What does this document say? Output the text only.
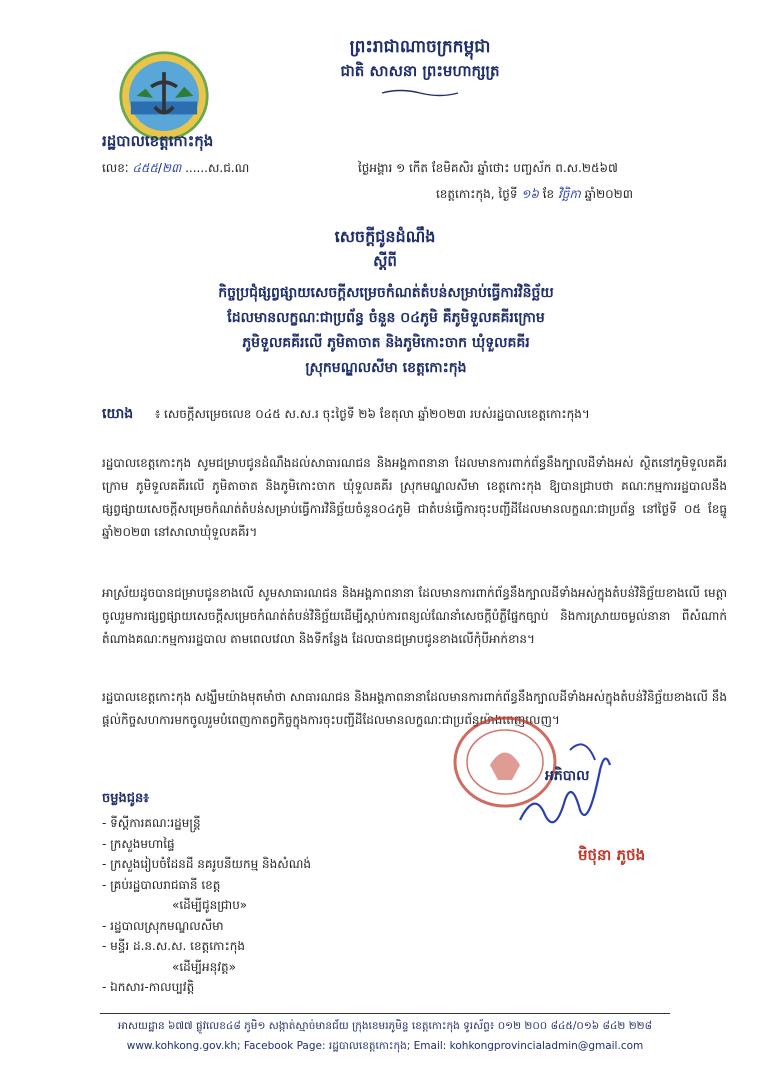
ព្រះរាជាណាចក្រកម្ពុជា
ជាតិ សាសនា ព្រះមហាក្សត្រ
រដ្ឋបាលខេត្តកោះកុង
លេខៈ ៤៥៥/២៣ ......ស.ជ.ណ	ថ្ងៃអង្គារ ១ កើត ខែមិគសិរ ឆ្នាំថោះ បញ្ចស័ក ព.ស.២៥៦៧
ខេត្តកោះកុង, ថ្ងៃទី ១៦ ខែ វិច្ឆិកា ឆ្នាំ២០២៣
សេចក្តីជូនដំណឹង
ស្តីពី
កិច្ចប្រជុំផ្សព្វផ្សាយសេចក្តីសម្រេចកំណត់តំបន់សម្រាប់ធ្វើការវិនិច្ឆ័យ
ដែលមានលក្ខណៈជាប្រព័ន្ធ ចំនួន ០៤ភូមិ គឺភូមិទួលគគីរក្រោម
ភូមិទួលគគីរលើ ភូមិតាចាត និងភូមិកោះចាក ឃុំទួលគគីរ
ស្រុកមណ្ឌលសីមា ខេត្តកោះកុង
យោង ៖ សេចក្តីសម្រេចលេខ ០៤៥ ស.ស.រ ចុះថ្ងៃទី ២៦ ខែតុលា ឆ្នាំ២០២៣ របស់រដ្ឋបាលខេត្តកោះកុង។
រដ្ឋបាលខេត្តកោះកុង សូមជម្រាបជូនដំណឹងដល់សាធារណជន និងអង្គភាពនានា ដែលមានការពាក់ព័ន្ធនឹងក្បាលដីទាំងអស់ ស្ថិតនៅភូមិទួលគគីរក្រោម ភូមិទួលគគីរលើ ភូមិតាចាត និងភូមិកោះចាក ឃុំទួលគគីរ ស្រុកមណ្ឌលសីមា ខេត្តកោះកុង ឱ្យបានជ្រាបថា គណៈកម្មការរដ្ឋបាលនឹងផ្សព្វផ្សាយសេចក្តីសម្រេចកំណត់តំបន់សម្រាប់ធ្វើការវិនិច្ឆ័យចំនួន០៤ភូមិ ជាតំបន់ធ្វើការចុះបញ្ជីដីដែលមានលក្ខណៈជាប្រព័ន្ធ នៅថ្ងៃទី ០៥ ខែធ្នូ ឆ្នាំ២០២៣ នៅសាលាឃុំទួលគគីរ។
អាស្រ័យដូចបានជម្រាបជូនខាងលើ សូមសាធារណជន និងអង្គភាពនានា ដែលមានការពាក់ព័ន្ធនឹងក្បាលដីទាំងអស់ក្នុងតំបន់វិនិច្ឆ័យខាងលើ មេត្តាចូលរួមការផ្សព្វផ្សាយសេចក្តីសម្រេចកំណត់តំបន់វិនិច្ឆ័យដើម្បីស្តាប់ការពន្យល់ណែនាំសេចក្តីបំភ្លឺផ្នែកច្បាប់ និងការស្រាយចម្ងល់នានា ពីសំណាក់តំណាងគណៈកម្មការរដ្ឋបាល តាមពេលវេលា និងទីកន្លែង ដែលបានជម្រាបជូនខាងលើកុំបីអាក់ខាន។
រដ្ឋបាលខេត្តកោះកុង សង្ឃឹមយ៉ាងមុតមាំថា សាធារណជន និងអង្គភាពនានាដែលមានការពាក់ព័ន្ធនឹងក្បាលដីទាំងអស់ក្នុងតំបន់វិនិច្ឆ័យខាងលើ នឹងផ្តល់កិច្ចសហការមកចូលរួមបំពេញកាតព្វកិច្ចក្នុងការចុះបញ្ជីដីដែលមានលក្ខណៈជាប្រព័ន្ធយ៉ាងពេញលេញ។
អភិបាល
មិថុនា ភូថង
ចម្លងជូន៖
- ទីស្តីការគណៈរដ្ឋមន្ត្រី
- ក្រសួងមហាផ្ទៃ
- ក្រសួងរៀបចំដែនដី នគរូបនីយកម្ម និងសំណង់
- គ្រប់រដ្ឋបាលរាជធានី ខេត្ត
«ដើម្បីជូនជ្រាប»
- រដ្ឋបាលស្រុកមណ្ឌលសីមា
- មន្ទីរ ដ.ន.ស.ស. ខេត្តកោះកុង
«ដើម្បីអនុវត្ត»
- ឯកសារ-កាលប្បវត្តិ
អាសយដ្ឋាន ៦៧៧ ផ្លូវលេខ៤៨ ភូមិ១ សង្កាត់ស្មាច់មានជ័យ ក្រុងខេមរភូមិន្ទ ខេត្តកោះកុង ទូរស័ព្ទ៖ ០១២ ២០០ ៨៤៥/០១៦ ៨៤២ ២២៨
www.kohkong.gov.kh; Facebook Page: រដ្ឋបាលខេត្តកោះកុង; Email: kohkongprovincialadmin@gmail.com
